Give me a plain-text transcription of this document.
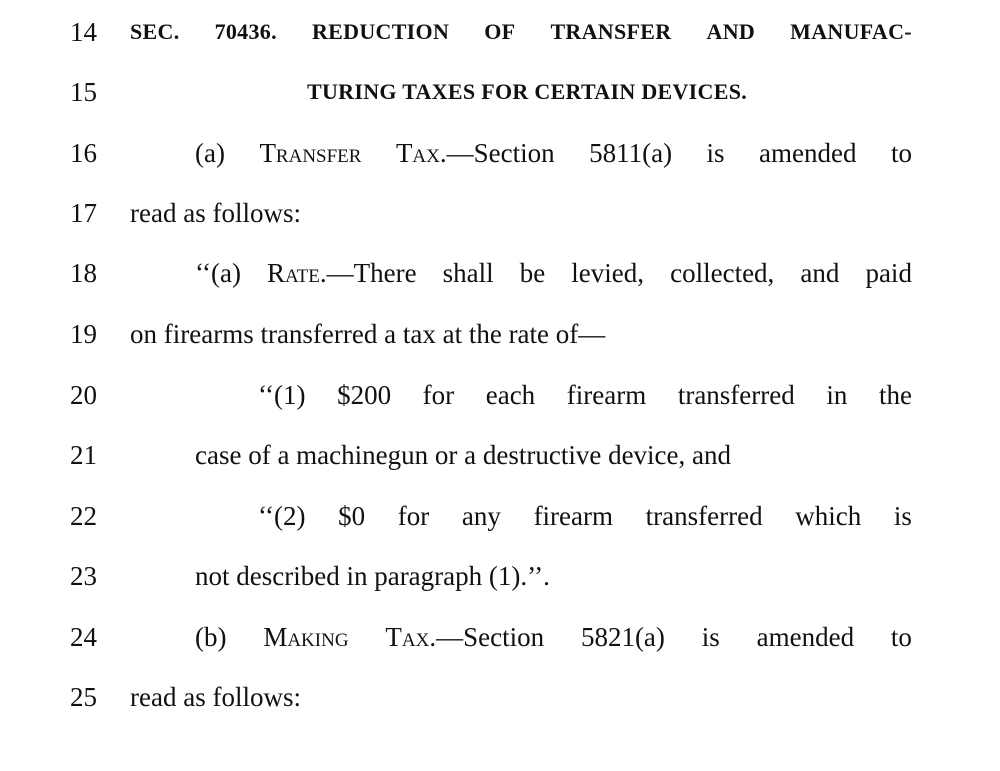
14	SEC. 70436. REDUCTION OF TRANSFER AND MANUFAC-
15	TURING TAXES FOR CERTAIN DEVICES.
16	(a) Transfer Tax.—Section 5811(a) is amended to
17	read as follows:
18	‘‘(a) Rate.—There shall be levied, collected, and paid
19	on firearms transferred a tax at the rate of—
20	‘‘(1) $200 for each firearm transferred in the
21	case of a machinegun or a destructive device, and
22	‘‘(2) $0 for any firearm transferred which is
23	not described in paragraph (1).’’.
24	(b) Making Tax.—Section 5821(a) is amended to
25	read as follows:
